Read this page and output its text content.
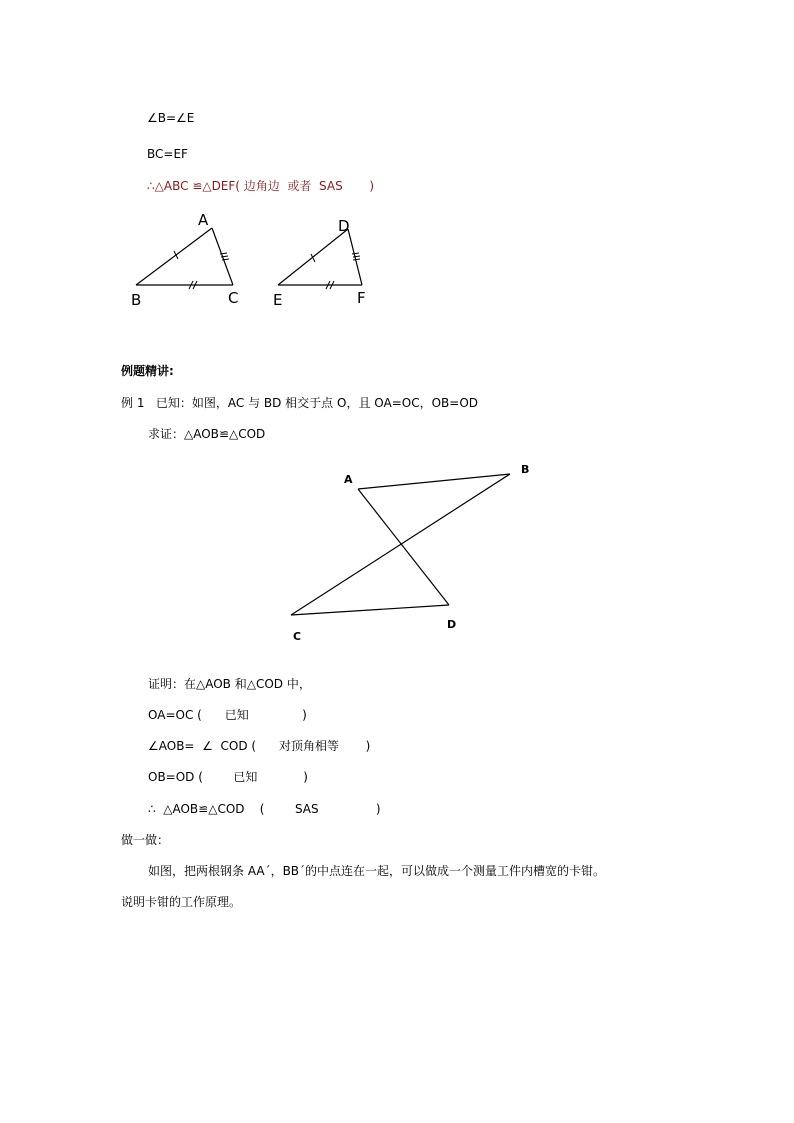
∠B=∠E
BC=EF
∴△ABC ≌△DEF( 边角边  或者  SAS       )
A
B	C
D
E	F
例题精讲:
例 1   已知：如图，AC 与 BD 相交于点 O，且 OA=OC，OB=OD
求证：△AOB≌△COD
A
B
C
D
证明：在△AOB 和△COD 中，
OA=OC (      已知              )
∠AOB=  ∠  COD (      对顶角相等       )
OB=OD (        已知            )
∴  △AOB≌△COD    (        SAS               )
做一做：
如图，把两根钢条 AA´，BB´的中点连在一起，可以做成一个测量工件内槽宽的卡钳。
说明卡钳的工作原理。
